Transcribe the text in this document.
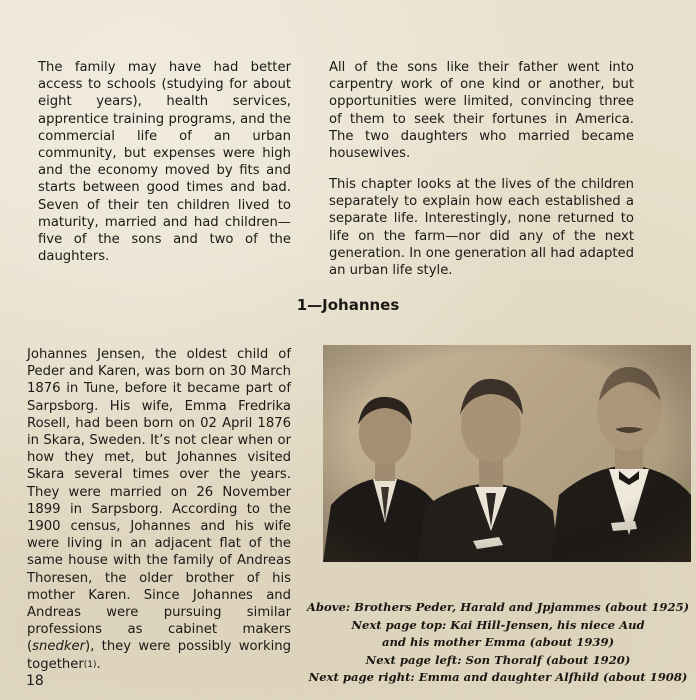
The family may have had better access to schools (studying for about eight years), health services, apprentice training programs, and the commercial life of an urban community, but expenses were high and the economy moved by fits and starts between good times and bad. Seven of their ten children lived to maturity, married and had children—five of the sons and two of the daughters.

All of the sons like their father went into carpentry work of one kind or another, but opportunities were limited, convincing three of them to seek their fortunes in America. The two daughters who married became housewives.

This chapter looks at the lives of the children separately to explain how each established a separate life. Interestingly, none returned to life on the farm—nor did any of the next generation. In one generation all had adapted an urban life style.

1—Johannes

Johannes Jensen, the oldest child of Peder and Karen, was born on 30 March 1876 in Tune, before it became part of Sarpsborg. His wife, Emma Fredrika Rosell, had been born on 02 April 1876 in Skara, Sweden. It’s not clear when or how they met, but Johannes visited Skara several times over the years. They were married on 26 November 1899 in Sarpsborg. According to the 1900 census, Johannes and his wife were living in an adjacent flat of the same house with the family of Andreas Thoresen, the older brother of his mother Karen. Since Johannes and Andreas were pursuing similar professions as cabinet makers (snedker), they were possibly working together(1).

Above: Brothers Peder, Harald and Jpjammes (about 1925)
Next page top: Kai Hill-Jensen, his niece Aud
and his mother Emma (about 1939)
Next page left: Son Thoralf (about 1920)
Next page right: Emma and daughter Alfhild (about 1908)

18
